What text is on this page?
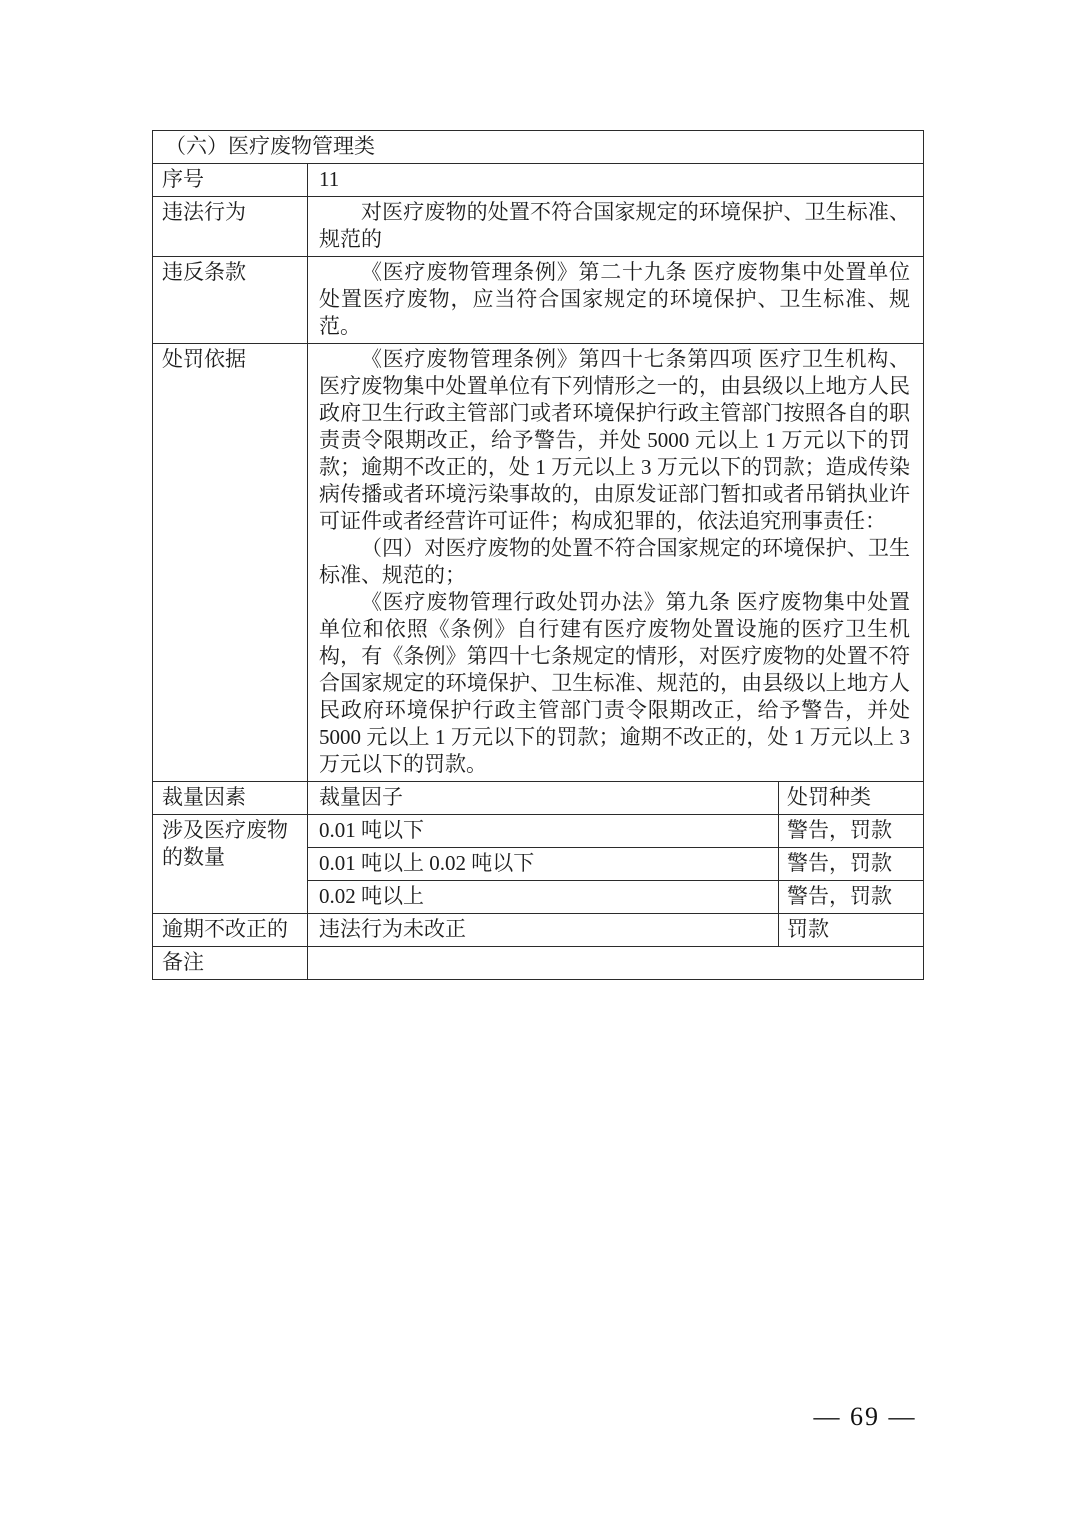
（六）医疗废物管理类		
序号	11	
违法行为	对医疗废物的处置不符合国家规定的环境保护、卫生标准、规范的	

违反条款	《医疗废物管理条例》第二十九条 医疗废物集中处置单位处置医疗废物，应当符合国家规定的环境保护、卫生标准、规范。	

处罚依据	《医疗废物管理条例》第四十七条第四项 医疗卫生机构、医疗废物集中处置单位有下列情形之一的，由县级以上地方人民政府卫生行政主管部门或者环境保护行政主管部门按照各自的职责责令限期改正，给予警告，并处 5000 元以上 1 万元以下的罚款；逾期不改正的，处 1 万元以上 3 万元以下的罚款；造成传染病传播或者环境污染事故的，由原发证部门暂扣或者吊销执业许可证件或者经营许可证件；构成犯罪的，依法追究刑事责任：

（四）对医疗废物的处置不符合国家规定的环境保护、卫生标准、规范的；

《医疗废物管理行政处罚办法》第九条 医疗废物集中处置单位和依照《条例》自行建有医疗废物处置设施的医疗卫生机构，有《条例》第四十七条规定的情形，对医疗废物的处置不符合国家规定的环境保护、卫生标准、规范的，由县级以上地方人民政府环境保护行政主管部门责令限期改正，给予警告，并处 5000 元以上 1 万元以下的罚款；逾期不改正的，处 1 万元以上 3 万元以下的罚款。	

裁量因素	裁量因子	处罚种类
涉及医疗废物的数量	0.01 吨以下	警告，罚款
	0.01 吨以上 0.02 吨以下	警告，罚款
	0.02 吨以上	警告，罚款
逾期不改正的	违法行为未改正	罚款
备注		
— 69 —
